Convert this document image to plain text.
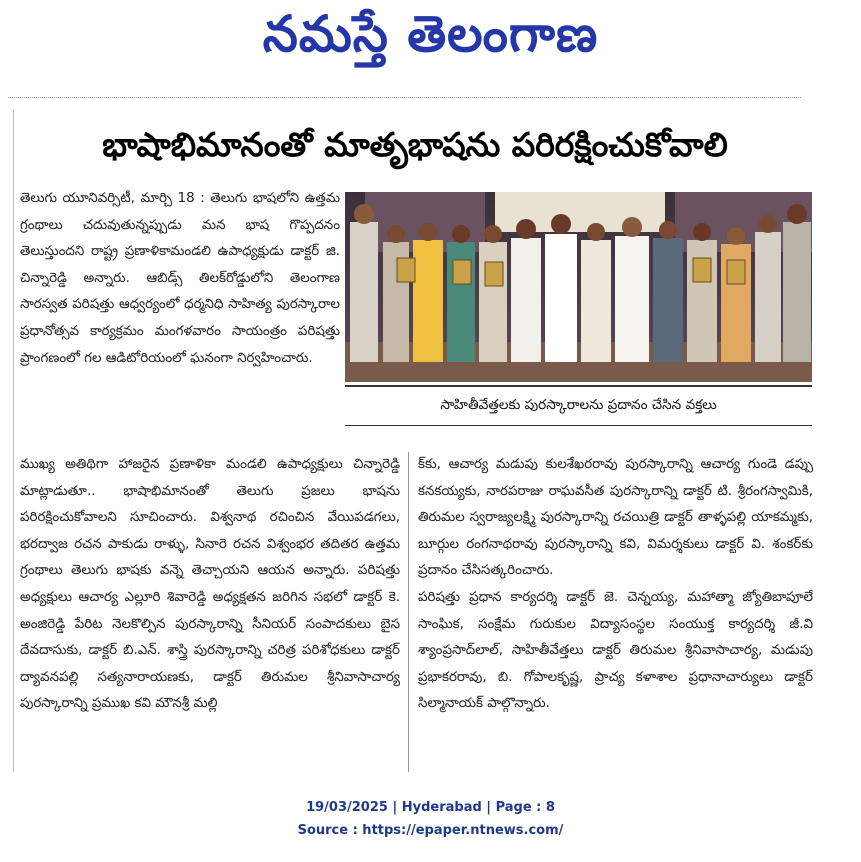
నమస్తే తెలంగాణ
భాషాభిమానంతో మాతృభాషను పరిరక్షించుకోవాలి

తెలుగు యూనివర్సిటీ, మార్చి 18 : తెలుగు భాషలోని ఉత్తమ గ్రంథాలు చదువుతున్నప్పుడు మన భాష గొప్పదనం తెలుస్తుందని రాష్ట్ర ప్రణాళికామండలి ఉపాధ్యక్షుడు డాక్టర్ జి. చిన్నారెడ్డి అన్నారు. ఆబిడ్స్ తిలక్‌రోడ్డులోని తెలంగాణ సారస్వత పరిషత్తు ఆధ్వర్యంలో ధర్మనిధి సాహిత్య పురస్కారాల ప్రధానోత్సవ కార్యక్రమం మంగళవారం సాయంత్రం పరిషత్తు ప్రాంగణంలో గల ఆడిటోరియంలో ఘనంగా నిర్వహించారు.

సాహితీవేత్తలకు పురస్కారాలను ప్రదానం చేసిన వక్తలు

ముఖ్య అతిథిగా హాజరైన ప్రణాళికా మండలి ఉపాధ్యక్షులు చిన్నారెడ్డి మాట్లాడుతూ.. భాషాభిమానంతో తెలుగు ప్రజలు భాషను పరిరక్షించుకోవాలని సూచించారు. విశ్వనాథ రచించిన వేయిపడగలు, భరద్వాజ రచన పాకుడు రాళ్ళు, సినారె రచన విశ్వంభర తదితర ఉత్తమ గ్రంథాలు తెలుగు భాషకు వన్నె తెచ్చాయని ఆయన అన్నారు. పరిషత్తు అధ్యక్షులు ఆచార్య ఎల్లూరి శివారెడ్డి అధ్యక్షతన జరిగిన సభలో డాక్టర్ కె. అంజిరెడ్డి పేరిట నెలకొల్పిన పురస్కారాన్ని సీనియర్ సంపాదకులు బైస దేవదాసుకు, డాక్టర్ బి.ఎన్. శాస్త్రి పురస్కారాన్ని చరిత్ర పరిశోధకులు డాక్టర్ ద్యావనపల్లి సత్యనారాయణకు, డాక్టర్ తిరుమల శ్రీనివాసాచార్య పురస్కారాన్ని ప్రముఖ కవి మౌనశ్రీ మల్లి

క్‌కు, ఆచార్య మడుపు కులశేఖరరావు పురస్కారాన్ని ఆచార్య గుండె డప్పు కనకయ్యకు, నారపరాజు రాఘవసీత పురస్కారాన్ని డాక్టర్ టి. శ్రీరంగస్వామికి, తిరుమల స్వరాజ్యలక్ష్మి పురస్కారాన్ని రచయిత్రి డాక్టర్ తాళ్ళపల్లి యాకమ్మకు, బూర్గుల రంగనాథరావు పురస్కారాన్ని కవి, విమర్శకులు డాక్టర్ వి. శంకర్‌కు ప్రదానం చేసిసత్కరించారు.

పరిషత్తు ప్రధాన కార్యదర్శి డాక్టర్ జె. చెన్నయ్య, మహాత్మా జ్యోతిబాపూలే సాంఘిక, సంక్షేమ గురుకుల విద్యాసంస్థల సంయుక్త కార్యదర్శి జీ.వి శ్యాంప్రసాద్‌లాల్, సాహితీవేత్తలు డాక్టర్ తిరుమల శ్రీనివాసాచార్య, మడుపు ప్రభాకరరావు, బి. గోపాలకృష్ణ, ప్రాచ్య కళాశాల ప్రధానాచార్యులు డాక్టర్ సిల్మానాయక్ పాల్గొన్నారు.

19/03/2025 | Hyderabad | Page : 8
Source : https://epaper.ntnews.com/
